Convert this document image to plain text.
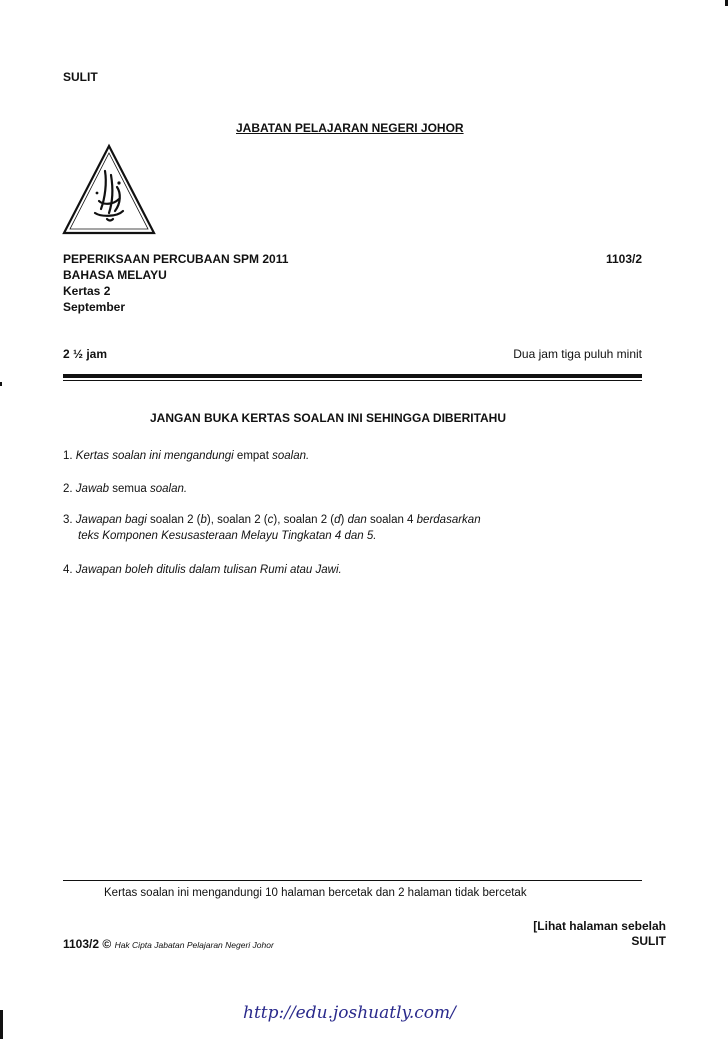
SULIT
JABATAN PELAJARAN NEGERI JOHOR
PEPERIKSAAN PERCUBAAN SPM 2011
BAHASA MELAYU
Kertas 2
September
1103/2
2 ½ jam	Dua jam tiga puluh minit
JANGAN BUKA KERTAS SOALAN INI SEHINGGA DIBERITAHU
1. Kertas soalan ini mengandungi empat soalan.
2. Jawab semua soalan.
3. Jawapan bagi soalan 2 (b), soalan 2 (c), soalan 2 (d) dan soalan 4 berdasarkan
teks Komponen Kesusasteraan Melayu Tingkatan 4 dan 5.
4. Jawapan boleh ditulis dalam tulisan Rumi atau Jawi.
Kertas soalan ini mengandungi 10 halaman bercetak dan 2 halaman tidak bercetak
[Lihat halaman sebelah
SULIT
1103/2 © Hak Cipta Jabatan Pelajaran Negeri Johor
http://edu.joshuatly.com/
